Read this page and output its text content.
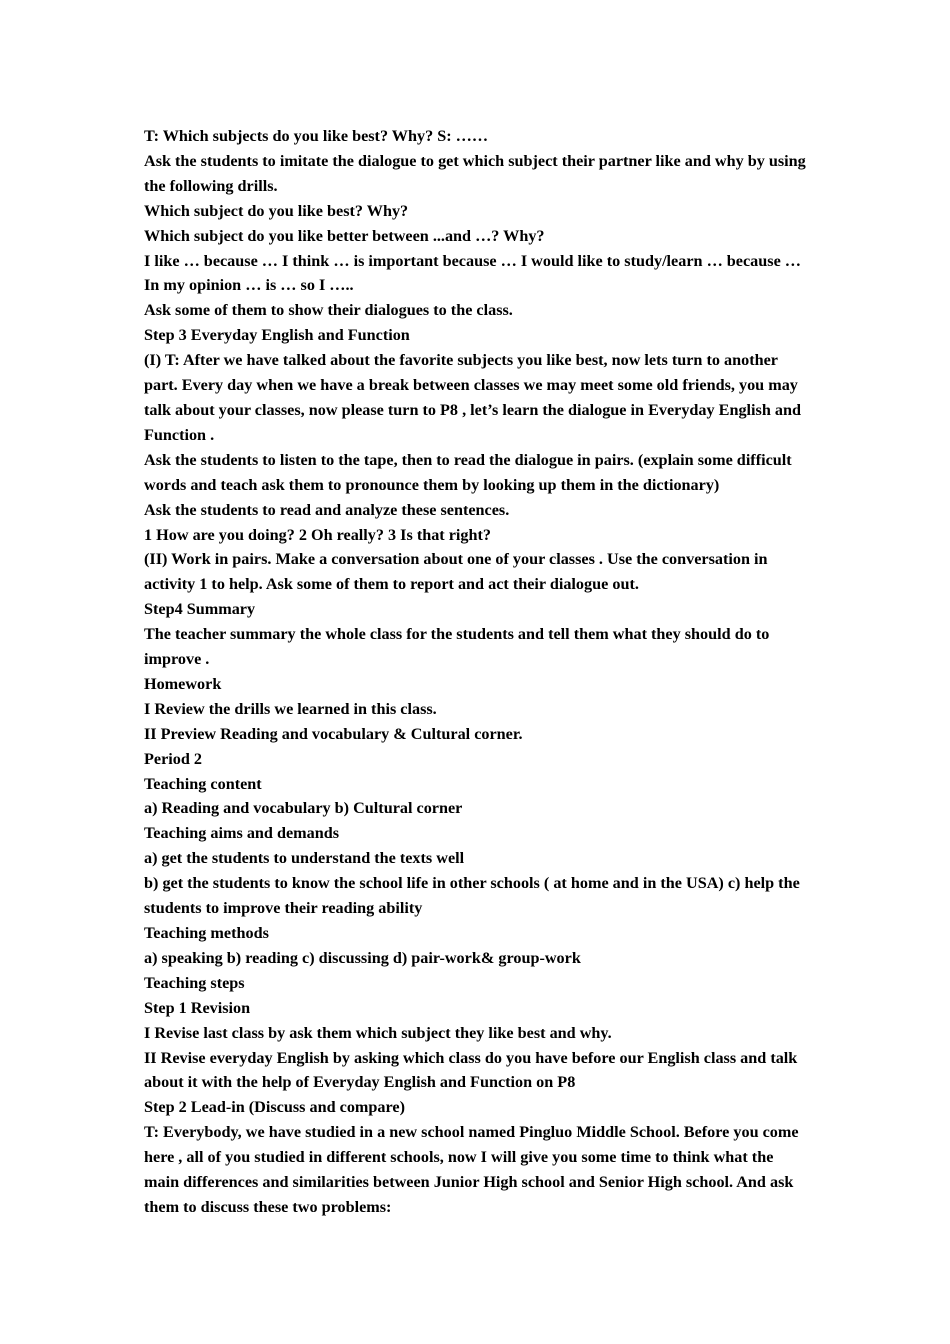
T: Which subjects do you like best? Why? S: ……

Ask the students to imitate the dialogue to get which subject their partner like and why by using the following drills.

Which subject do you like best? Why?

Which subject do you like better between ...and …? Why?

I like … because … I think … is important because … I would like to study/learn … because … In my opinion … is … so I …..

Ask some of them to show their dialogues to the class.

Step 3 Everyday English and Function

(I) T: After we have talked about the favorite subjects you like best, now lets turn to another part. Every day when we have a break between classes we may meet some old friends, you may talk about your classes, now please turn to P8 , let’s learn the dialogue in Everyday English and Function .

Ask the students to listen to the tape, then to read the dialogue in pairs. (explain some difficult words and teach ask them to pronounce them by looking up them in the dictionary)

Ask the students to read and analyze these sentences.

1 How are you doing? 2 Oh really? 3 Is that right?

(II) Work in pairs. Make a conversation about one of your classes . Use the conversation in activity 1 to help. Ask some of them to report and act their dialogue out.

Step4 Summary

The teacher summary the whole class for the students and tell them what they should do to improve .

Homework

I Review the drills we learned in this class.

II Preview Reading and vocabulary & Cultural corner.

Period 2

Teaching content

a) Reading and vocabulary b) Cultural corner

Teaching aims and demands

a) get the students to understand the texts well

b) get the students to know the school life in other schools ( at home and in the USA) c) help the students to improve their reading ability

Teaching methods

a) speaking b) reading c) discussing d) pair-work& group-work

Teaching steps

Step 1 Revision

I Revise last class by ask them which subject they like best and why.

II Revise everyday English by asking which class do you have before our English class and talk about it with the help of Everyday English and Function on P8

Step 2 Lead-in (Discuss and compare)

T: Everybody, we have studied in a new school named Pingluo Middle School. Before you come here , all of you studied in different schools, now I will give you some time to think what the main differences and similarities between Junior High school and Senior High school. And ask them to discuss these two problems:
